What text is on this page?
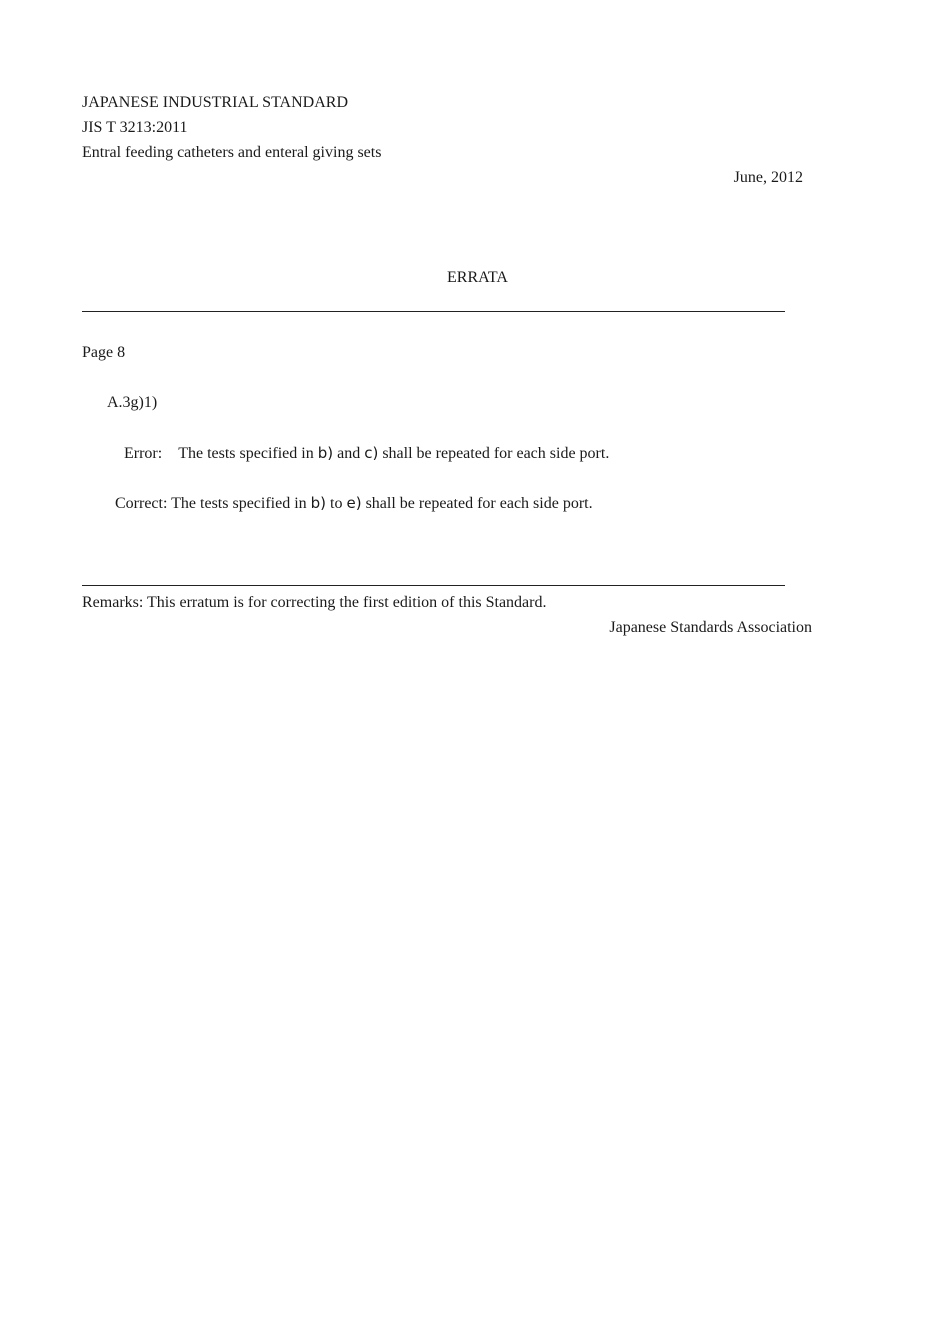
JAPANESE INDUSTRIAL STANDARD
JIS T 3213:2011
Entral feeding catheters and enteral giving sets
June, 2012
ERRATA
Page 8
A.3g)1)
Error: The tests specified in b) and c) shall be repeated for each side port.
Correct: The tests specified in b) to e) shall be repeated for each side port.
Remarks: This erratum is for correcting the first edition of this Standard.
Japanese Standards Association
